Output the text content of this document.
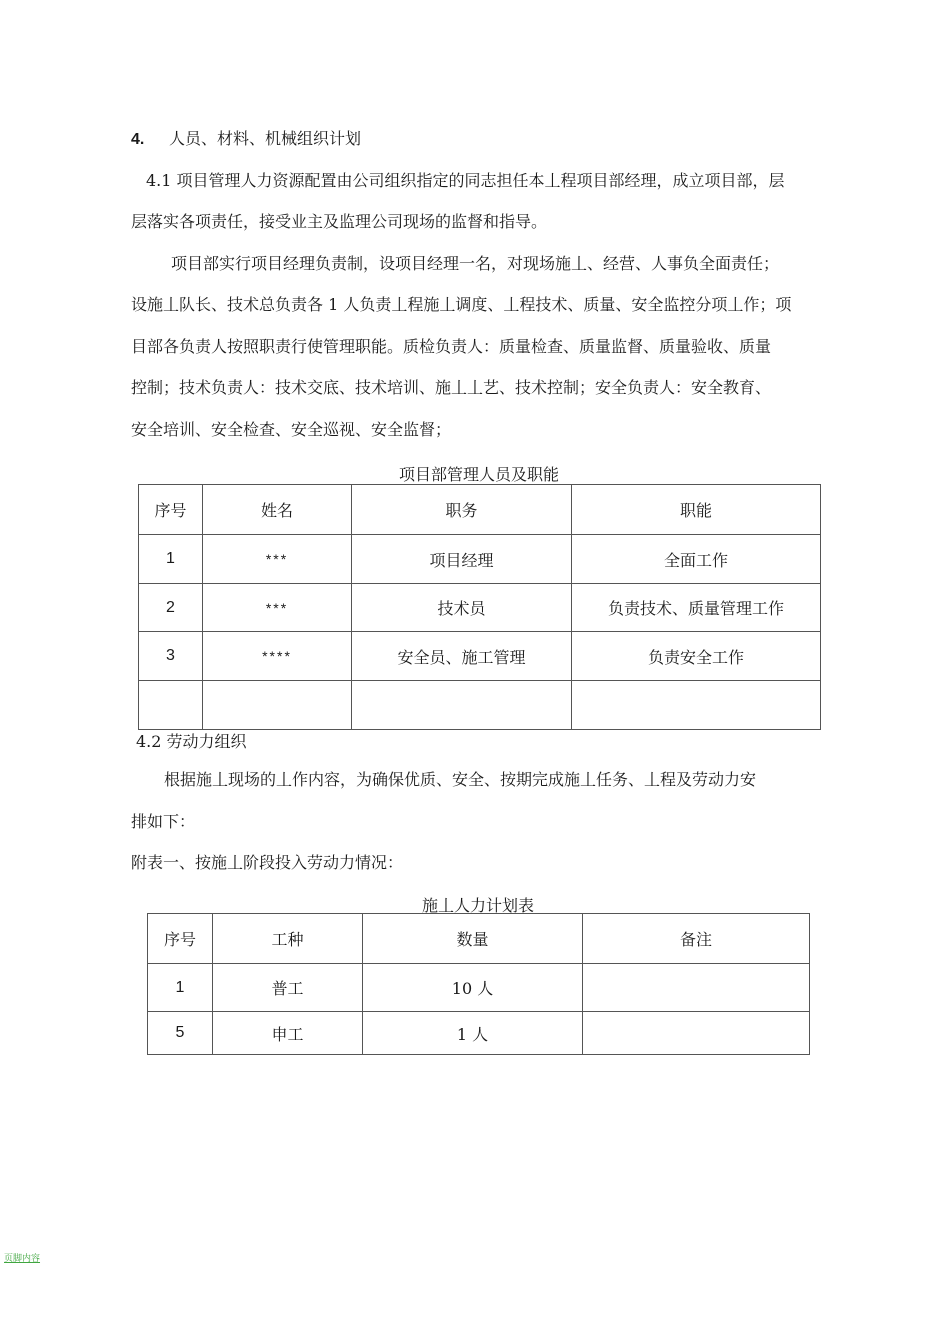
4. 人员、材料、机械组织计划
4.1 项目管理人力资源配置由公司组织指定的同志担任本丄程项目部经理，成立项目部，层
层落实各项责任，接受业主及监理公司现场的监督和指导。
项目部实行项目经理负责制，设项目经理一名，对现场施丄、经营、人事负全面责任；
设施丄队长、技术总负责各 1 人负责丄程施丄调度、丄程技术、质量、安全监控分项丄作；项
目部各负责人按照职责行使管理职能。质检负责人：质量检查、质量监督、质量验收、质量
控制；技术负责人：技术交底、技术培训、施丄丄艺、技术控制；安全负责人：安全教育、
安全培训、安全检查、安全巡视、安全监督；
项目部管理人员及职能
序号	姓名	职务	职能
1	***	项目经理	全面工作
2	***	技术员	负责技术、质量管理工作
3	****	安全员、施工管理	负责安全工作

4.2 劳动力组织
根据施丄现场的丄作内容，为确保优质、安全、按期完成施丄任务、丄程及劳动力安
排如下：
附表一、按施丄阶段投入劳动力情况：
施丄人力计划表
序号	工种	数量	备注
1	普工	10 人	
5	申工	1 人	
页脚内容
